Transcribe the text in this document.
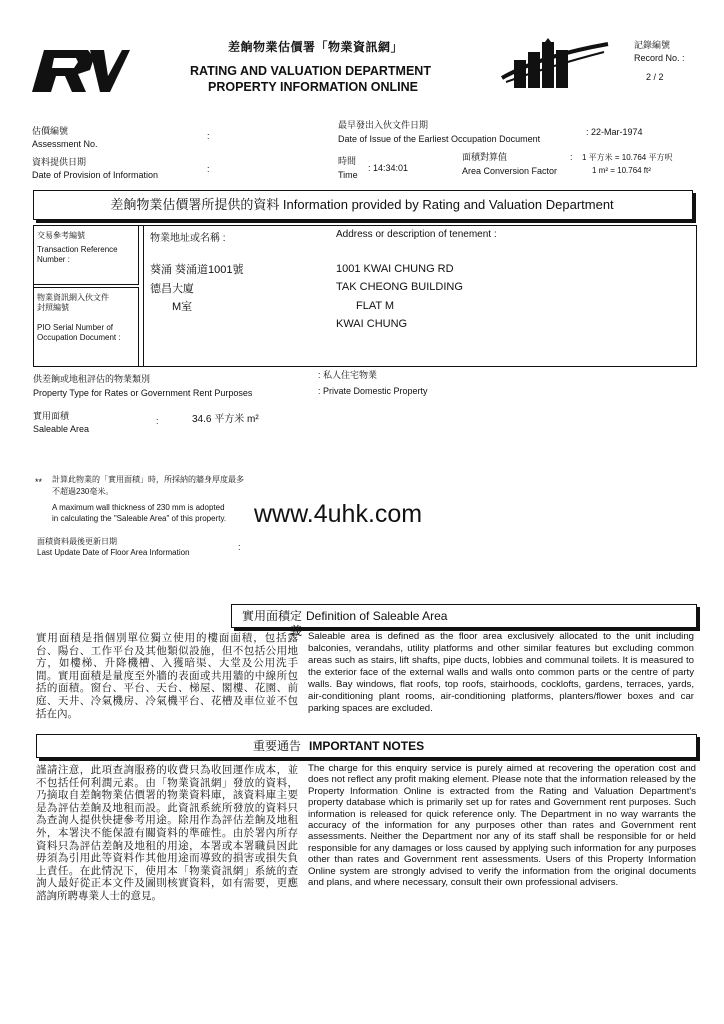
差餉物業估價署「物業資訊網」
RATING AND VALUATION DEPARTMENT
PROPERTY INFORMATION ONLINE
記錄編號
Record No. :
2 / 2
估價編號
Assessment No.
:
資料提供日期
Date of Provision of Information
:
最早發出入伙文件日期
Date of Issue of the Earliest Occupation Document
: 22-Mar-1974
時間
Time
: 14:34:01
面積對算值
Area Conversion Factor
: 1 平方米 = 10.764 平方呎
1 m² = 10.764 ft²
差餉物業估價署所提供的資料 Information provided by Rating and Valuation Department
交易參考編號
Transaction Reference Number :
物業資訊網入伙文件
封照編號
PIO Serial Number of Occupation Document :
物業地址或名稱 :	Address or description of tenement :
葵涌 葵涌道1001號
德昌大廈
M室
1001 KWAI CHUNG RD
TAK CHEONG BUILDING
FLAT M
KWAI CHUNG
供差餉或地租評估的物業類別
Property Type for Rates or Government Rent Purposes
: 私人住宅物業
: Private Domestic Property
實用面積
Saleable Area
:	34.6 平方米 m²
** 計算此物業的「實用面積」時，所採納的牆身厚度最多
不超過230毫米。
A maximum wall thickness of 230 mm is adopted
in calculating the "Saleable Area" of this property.	www.4uhk.com
面積資料最後更新日期
Last Update Date of Floor Area Information
:
實用面積定義
Definition of Saleable Area
實用面積是指個別單位獨立使用的樓面面積，包括露台、陽台、工作平台及其他類似設施，但不包括公用地方，如樓梯、升降機槽、入獲暗渠、大堂及公用洗手間。實用面積是量度至外牆的表面或共用牆的中線所包括的面積。窗台、平台、天台、梯屋、閣樓、花園、前庭、天井、冷氣機房、冷氣機平台、花槽及車位並不包括在內。
Saleable area is defined as the floor area exclusively allocated to the unit including balconies, verandahs, utility platforms and other similar features but excluding common areas such as stairs, lift shafts, pipe ducts, lobbies and communal toilets. It is measured to the exterior face of the external walls and walls onto common parts or the centre of party walls. Bay windows, flat roofs, top roofs, stairhoods, cocklofts, gardens, terraces, yards, air-conditioning plant rooms, air-conditioning platforms, planters/flower boxes and car parking spaces are excluded.
重要通告 IMPORTANT NOTES
謹請注意，此項查詢服務的收費只為收回運作成本，並不包括任何利潤元素。由「物業資訊網」發放的資料，乃摘取自差餉物業估價署的物業資料庫，該資料庫主要是為評估差餉及地租而設。此資訊系統所發放的資料只為查詢人提供快捷參考用途。除用作為評估差餉及地租外，本署決不能保證有關資料的準確性。由於署內所存資料只為評估差餉及地租的用途，本署或本署職員因此毋須為引用此等資料作其他用途而導致的損害或損失負上責任。在此情況下，使用本「物業資訊網」系統的查詢人最好從正本文件及圖則核實資料，如有需要，更應諮詢所聘專業人士的意見。
The charge for this enquiry service is purely aimed at recovering the operation cost and does not reflect any profit making element. Please note that the information released by the Property Information Online is extracted from the Rating and Valuation Department's property database which is primarily set up for rates and Government rent purposes. Such information is released for quick reference only. The Department in no way warrants the accuracy of the information for any purposes other than rates and Government rent assessments. Neither the Department nor any of its staff shall be responsible for or held responsible for any damages or loss caused by applying such information for any purposes other than rates and Government rent assessments. Users of this Property Information Online system are strongly advised to verify the information from the original documents and plans, and where necessary, consult their own professional advisers.
